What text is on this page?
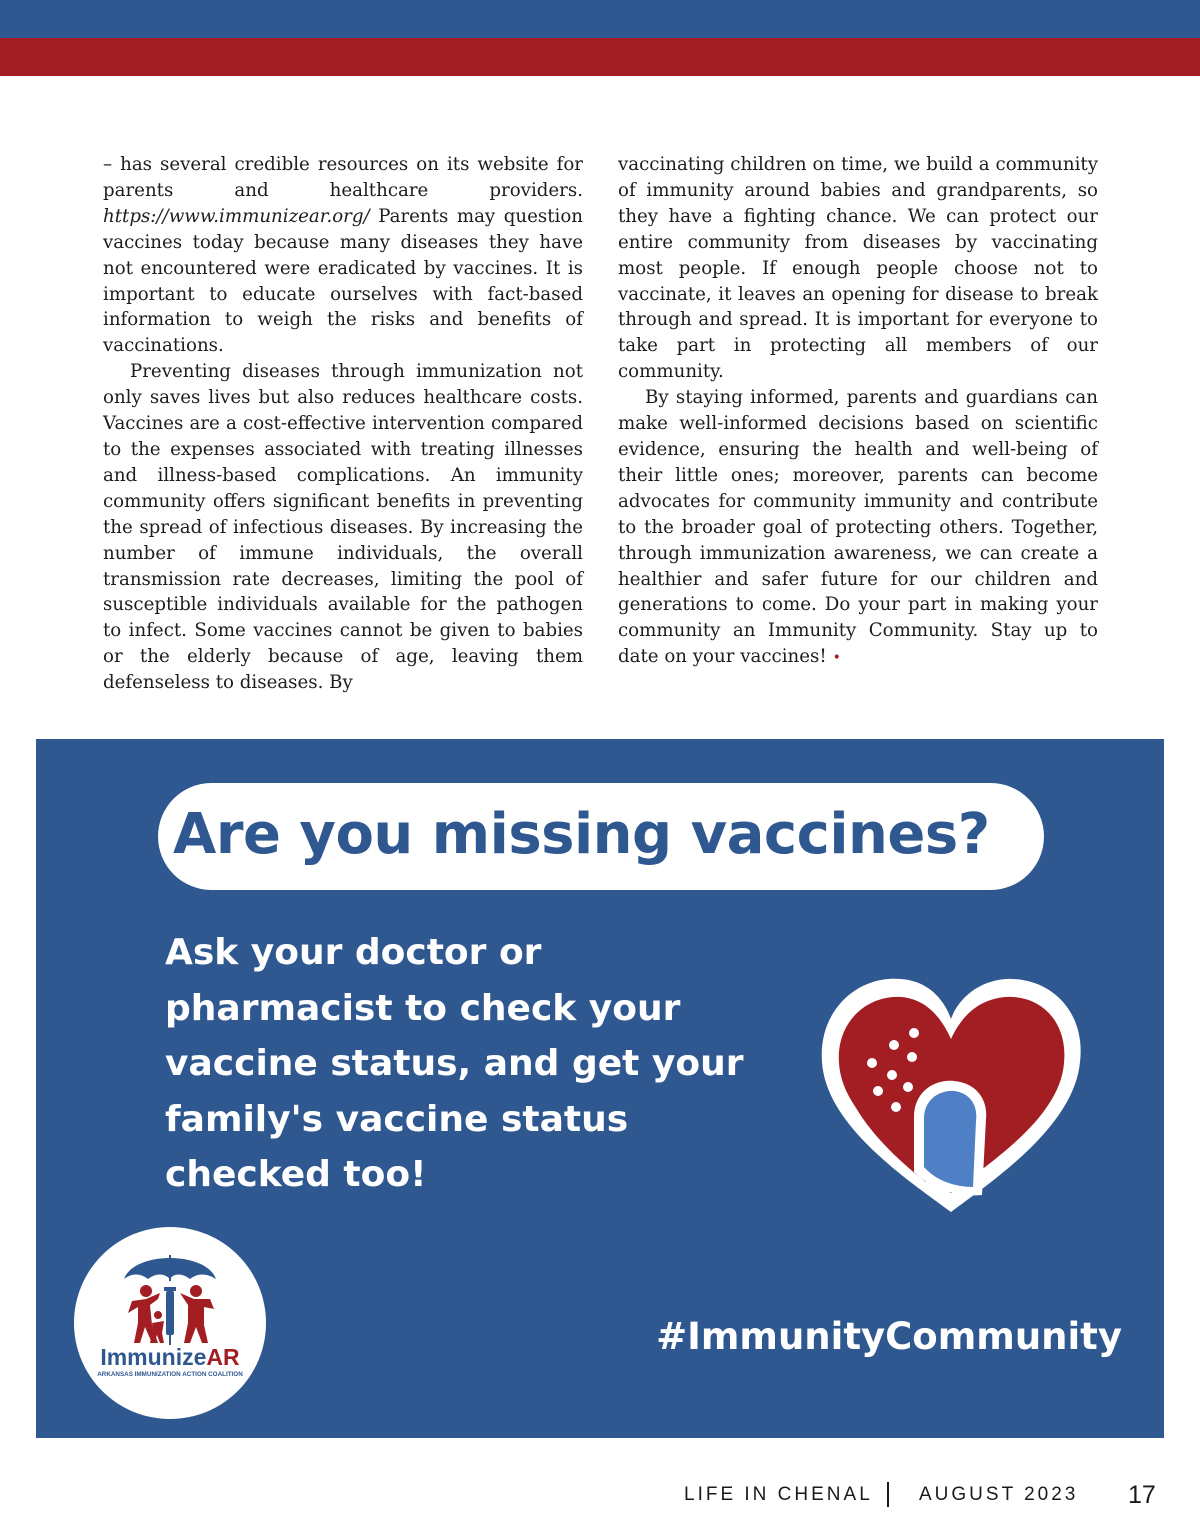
– has several credible resources on its website for parents and healthcare providers. https://www.immunizear.org/ Parents may question vaccines today because many diseases they have not encountered were eradicated by vaccines. It is important to educate ourselves with fact-based information to weigh the risks and benefits of vaccinations.

Preventing diseases through immunization not only saves lives but also reduces healthcare costs. Vaccines are a cost-effective intervention compared to the expenses associated with treating illnesses and illness-based complications. An immunity community offers significant benefits in preventing the spread of infectious diseases. By increasing the number of immune individuals, the overall transmission rate decreases, limiting the pool of susceptible individuals available for the pathogen to infect. Some vaccines cannot be given to babies or the elderly because of age, leaving them defenseless to diseases. By

vaccinating children on time, we build a community of immunity around babies and grandparents, so they have a fighting chance. We can protect our entire community from diseases by vaccinating most people. If enough people choose not to vaccinate, it leaves an opening for disease to break through and spread. It is important for everyone to take part in protecting all members of our community.

By staying informed, parents and guardians can make well-informed decisions based on scientific evidence, ensuring the health and well-being of their little ones; moreover, parents can become advocates for community immunity and contribute to the broader goal of protecting others. Together, through immunization awareness, we can create a healthier and safer future for our children and generations to come. Do your part in making your community an Immunity Community. Stay up to date on your vaccines! •

Are you missing vaccines?
Ask your doctor or
pharmacist to check your
vaccine status, and get your
family's vaccine status
checked too!
#ImmunityCommunity
ImmunizeAR
ARKANSAS IMMUNIZATION ACTION COALITION
LIFE IN CHENAL AUGUST 2023 17
